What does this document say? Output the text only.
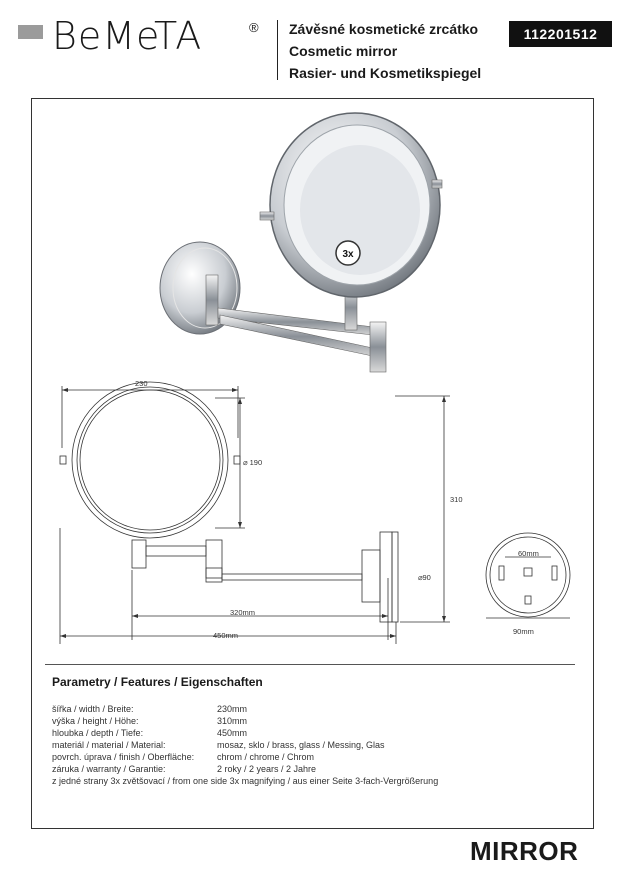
BeMeTA	® Závěsné kosmetické zrcátko
Cosmetic mirror
Rasier- und Kosmetikspiegel
112201512
3x
230
⌀ 190
310
320mm
450mm
⌀90
60mm
90mm
Parametry / Features / Eigenschaften
šířka / width / Breite:	230mm
výška / height / Höhe:	310mm
hloubka / depth / Tiefe:	450mm
materiál / material / Material:	mosaz, sklo / brass, glass / Messing, Glas
povrch. úprava / finish / Oberfläche:	chrom / chrome / Chrom
záruka / warranty / Garantie:	2 roky / 2 years / 2 Jahre
z jedné strany 3x zvětšovací / from one side 3x magnifying / aus einer Seite 3-fach-Vergrößerung
MIRROR
